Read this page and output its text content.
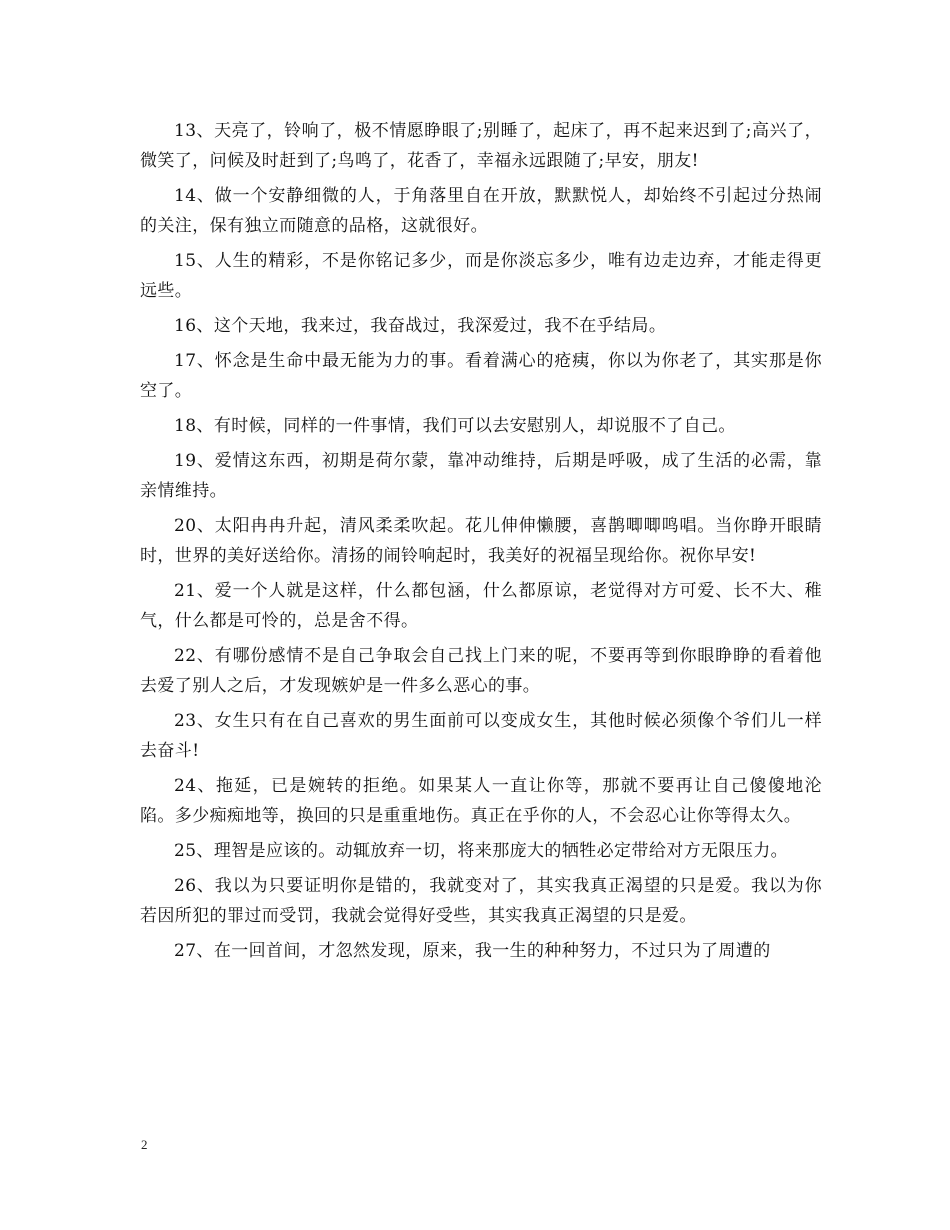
13、天亮了，铃响了，极不情愿睁眼了;别睡了，起床了，再不起来迟到了;高兴了，微笑了，问候及时赶到了;鸟鸣了，花香了，幸福永远跟随了;早安，朋友!

14、做一个安静细微的人，于角落里自在开放，默默悦人，却始终不引起过分热闹的关注，保有独立而随意的品格，这就很好。

15、人生的精彩，不是你铭记多少，而是你淡忘多少，唯有边走边弃，才能走得更远些。

16、这个天地，我来过，我奋战过，我深爱过，我不在乎结局。

17、怀念是生命中最无能为力的事。看着满心的疮痍，你以为你老了，其实那是你空了。

18、有时候，同样的一件事情，我们可以去安慰别人，却说服不了自己。

19、爱情这东西，初期是荷尔蒙，靠冲动维持，后期是呼吸，成了生活的必需，靠亲情维持。

20、太阳冉冉升起，清风柔柔吹起。花儿伸伸懒腰，喜鹊唧唧鸣唱。当你睁开眼睛时，世界的美好送给你。清扬的闹铃响起时，我美好的祝福呈现给你。祝你早安!

21、爱一个人就是这样，什么都包涵，什么都原谅，老觉得对方可爱、长不大、稚气，什么都是可怜的，总是舍不得。

22、有哪份感情不是自己争取会自己找上门来的呢，不要再等到你眼睁睁的看着他去爱了别人之后，才发现嫉妒是一件多么恶心的事。

23、女生只有在自己喜欢的男生面前可以变成女生，其他时候必须像个爷们儿一样去奋斗!

24、拖延，已是婉转的拒绝。如果某人一直让你等，那就不要再让自己傻傻地沦陷。多少痴痴地等，换回的只是重重地伤。真正在乎你的人，不会忍心让你等得太久。

25、理智是应该的。动辄放弃一切，将来那庞大的牺牲必定带给对方无限压力。

26、我以为只要证明你是错的，我就变对了，其实我真正渴望的只是爱。我以为你若因所犯的罪过而受罚，我就会觉得好受些，其实我真正渴望的只是爱。

27、在一回首间，才忽然发现，原来，我一生的种种努力，不过只为了周遭的

2
